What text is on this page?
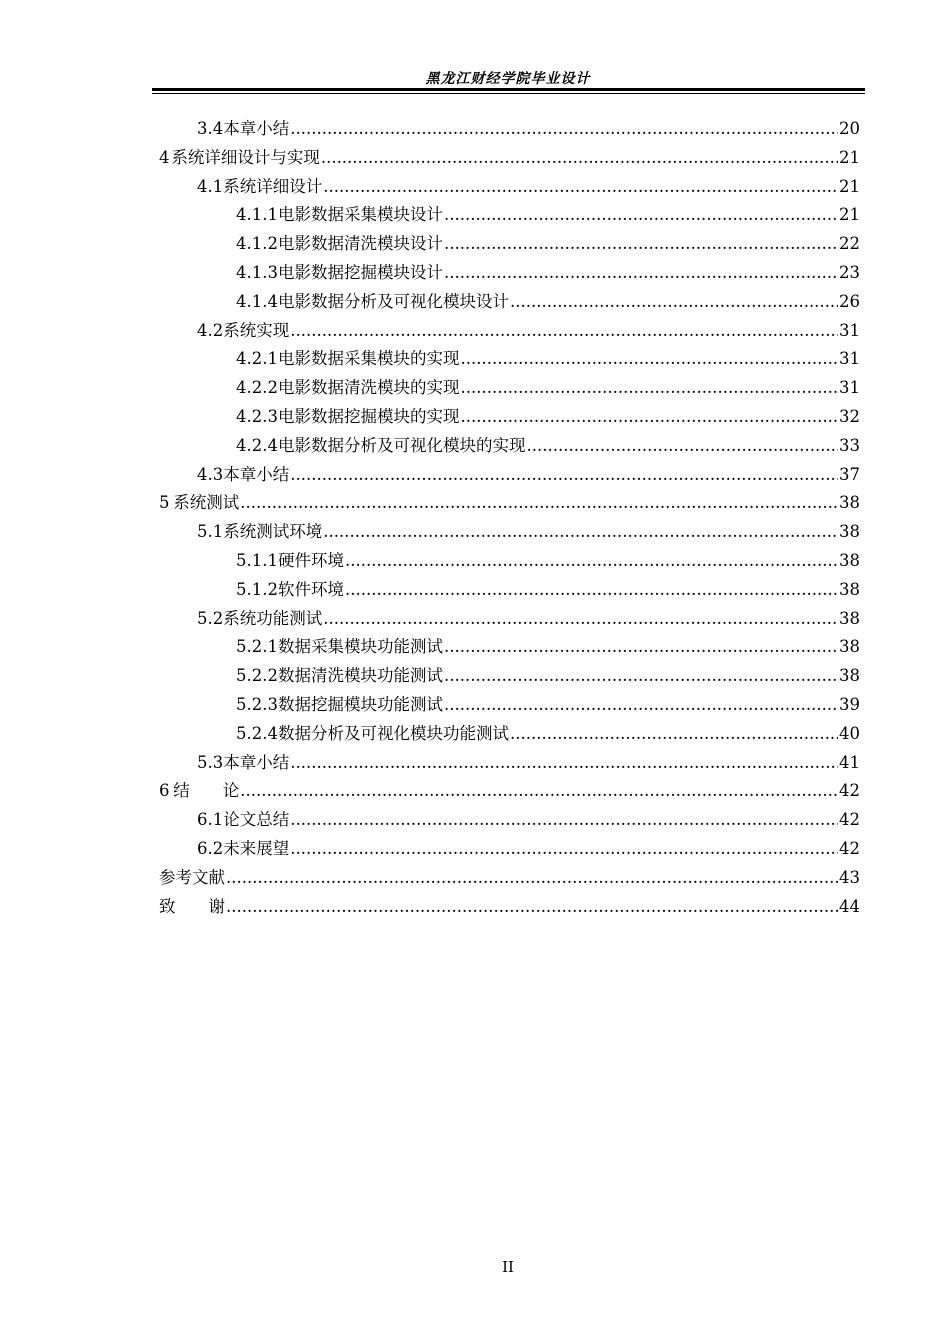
黑龙江财经学院毕业设计
3.4 本章小结 .....	20
4 系统详细设计与实现 .....	21
4.1 系统详细设计 .....	21
4.1.1 电影数据采集模块设计 .....	21
4.1.2 电影数据清洗模块设计 .....	22
4.1.3 电影数据挖掘模块设计 .....	23
4.1.4 电影数据分析及可视化模块设计 .....	26
4.2 系统实现 .....	31
4.2.1 电影数据采集模块的实现 .....	31
4.2.2 电影数据清洗模块的实现 .....	31
4.2.3 电影数据挖掘模块的实现 .....	32
4.2.4 电影数据分析及可视化模块的实现 .....	33
4.3 本章小结 .....	37
5 系统测试 .....	38
5.1 系统测试环境 .....	38
5.1.1 硬件环境 .....	38
5.1.2 软件环境 .....	38
5.2 系统功能测试 .....	38
5.2.1 数据采集模块功能测试 .....	38
5.2.2 数据清洗模块功能测试 .....	38
5.2.3 数据挖掘模块功能测试 .....	39
5.2.4 数据分析及可视化模块功能测试 .....	40
5.3 本章小结 .....	41
6 结　　论 .....	42
6.1 论文总结 .....	42
6.2 未来展望 .....	42
参考文献 .....	43
致　　谢 .....	44
II
